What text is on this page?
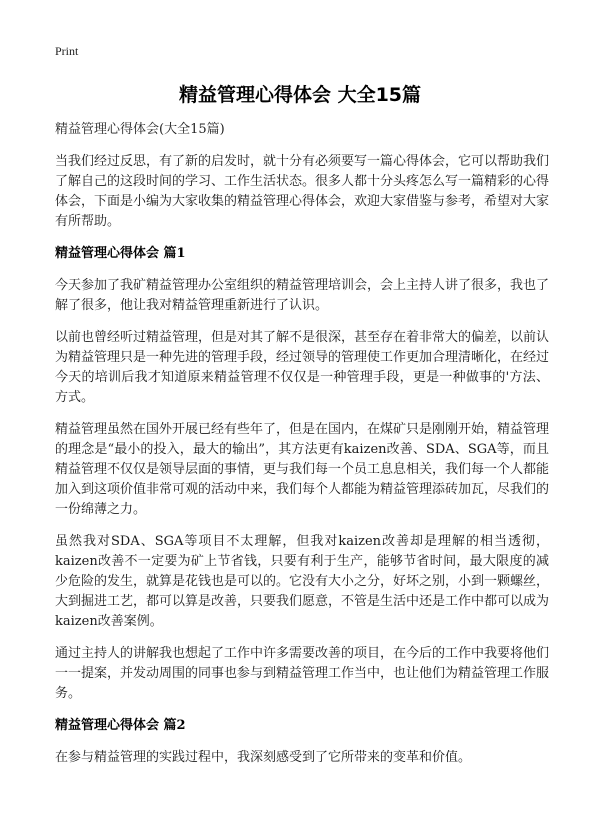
Print
精益管理心得体会 大全15篇

精益管理心得体会(大全15篇)

当我们经过反思，有了新的启发时，就十分有必须要写一篇心得体会，它可以帮助我们了解自己的这段时间的学习、工作生活状态。很多人都十分头疼怎么写一篇精彩的心得体会，下面是小编为大家收集的精益管理心得体会，欢迎大家借鉴与参考，希望对大家有所帮助。

精益管理心得体会 篇1

今天参加了我矿精益管理办公室组织的精益管理培训会，会上主持人讲了很多，我也了解了很多，他让我对精益管理重新进行了认识。

以前也曾经听过精益管理，但是对其了解不是很深，甚至存在着非常大的偏差，以前认为精益管理只是一种先进的管理手段，经过领导的管理使工作更加合理清晰化，在经过今天的培训后我才知道原来精益管理不仅仅是一种管理手段，更是一种做事的'方法、方式。

精益管理虽然在国外开展已经有些年了，但是在国内，在煤矿只是刚刚开始，精益管理的理念是“最小的投入，最大的输出”，其方法更有kaizen改善、SDA、SGA等，而且精益管理不仅仅是领导层面的事情，更与我们每一个员工息息相关，我们每一个人都能加入到这项价值非常可观的活动中来，我们每个人都能为精益管理添砖加瓦，尽我们的一份绵薄之力。

虽然我对SDA、SGA等项目不太理解，但我对kaizen改善却是理解的相当透彻，kaizen改善不一定要为矿上节省钱，只要有利于生产，能够节省时间，最大限度的减少危险的发生，就算是花钱也是可以的。它没有大小之分，好坏之别，小到一颗螺丝，大到掘进工艺，都可以算是改善，只要我们愿意，不管是生活中还是工作中都可以成为kaizen改善案例。

通过主持人的讲解我也想起了工作中许多需要改善的项目，在今后的工作中我要将他们一一提案，并发动周围的同事也参与到精益管理工作当中，也让他们为精益管理工作服务。

精益管理心得体会 篇2

在参与精益管理的实践过程中，我深刻感受到了它所带来的变革和价值。
